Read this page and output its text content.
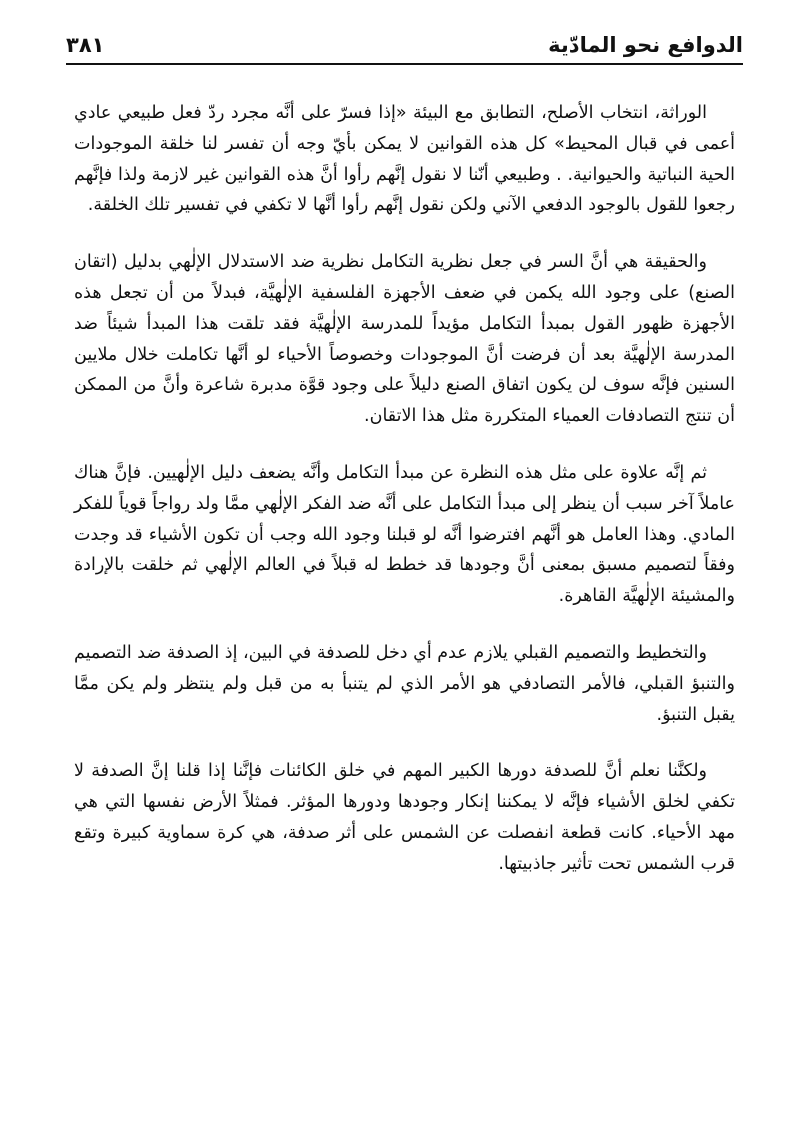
الدوافع نحو المادّية
٣٨١

الوراثة، انتخاب الأصلح، التطابق مع البيئة «إذا فسرّ على أنَّه مجرد ردّ فعل طبيعي عادي أعمى في قبال المحيط» كل هذه القوانين لا يمكن بأيّ وجه أن تفسر لنا خلقة الموجودات الحية النباتية والحيوانية. . وطبيعي أنّنا لا نقول إنَّهم رأوا أنَّ هذه القوانين غير لازمة ولذا فإنَّهم رجعوا للقول بالوجود الدفعي الآني ولكن نقول إنَّهم رأوا أنَّها لا تكفي في تفسير تلك الخلقة.

والحقيقة هي أنَّ السر في جعل نظرية التكامل نظرية ضد الاستدلال الإلٰهي بدليل (اتقان الصنع) على وجود الله يكمن في ضعف الأجهزة الفلسفية الإلٰهيَّة، فبدلاً من أن تجعل هذه الأجهزة ظهور القول بمبدأ التكامل مؤيداً للمدرسة الإلٰهيَّة فقد تلقت هذا المبدأ شيئاً ضد المدرسة الإلٰهيَّة بعد أن فرضت أنَّ الموجودات وخصوصاً الأحياء لو أنَّها تكاملت خلال ملايين السنين فإنَّه سوف لن يكون اتفاق الصنع دليلاً على وجود قوَّة مدبرة شاعرة وأنَّ من الممكن أن تنتج التصادفات العمياء المتكررة مثل هذا الاتقان.

ثم إنَّه علاوة على مثل هذه النظرة عن مبدأ التكامل وأنَّه يضعف دليل الإلٰهيين. فإنَّ هناك عاملاً آخر سبب أن ينظر إلى مبدأ التكامل على أنَّه ضد الفكر الإلٰهي ممَّا ولد رواجاً قوياً للفكر المادي. وهذا العامل هو أنَّهم افترضوا أنَّه لو قبلنا وجود الله وجب أن تكون الأشياء قد وجدت وفقاً لتصميم مسبق بمعنى أنَّ وجودها قد خطط له قبلاً في العالم الإلٰهي ثم خلقت بالإرادة والمشيئة الإلٰهيَّة القاهرة.

والتخطيط والتصميم القبلي يلازم عدم أي دخل للصدفة في البين، إذ الصدفة ضد التصميم والتنبؤ القبلي، فالأمر التصادفي هو الأمر الذي لم يتنبأ به من قبل ولم ينتظر ولم يكن ممَّا يقبل التنبؤ.

ولكنَّنا نعلم أنَّ للصدفة دورها الكبير المهم في خلق الكائنات فإنَّنا إذا قلنا إنَّ الصدفة لا تكفي لخلق الأشياء فإنَّه لا يمكننا إنكار وجودها ودورها المؤثر. فمثلاً الأرض نفسها التي هي مهد الأحياء. كانت قطعة انفصلت عن الشمس على أثر صدفة، هي كرة سماوية كبيرة وتقع قرب الشمس تحت تأثير جاذبيتها.
